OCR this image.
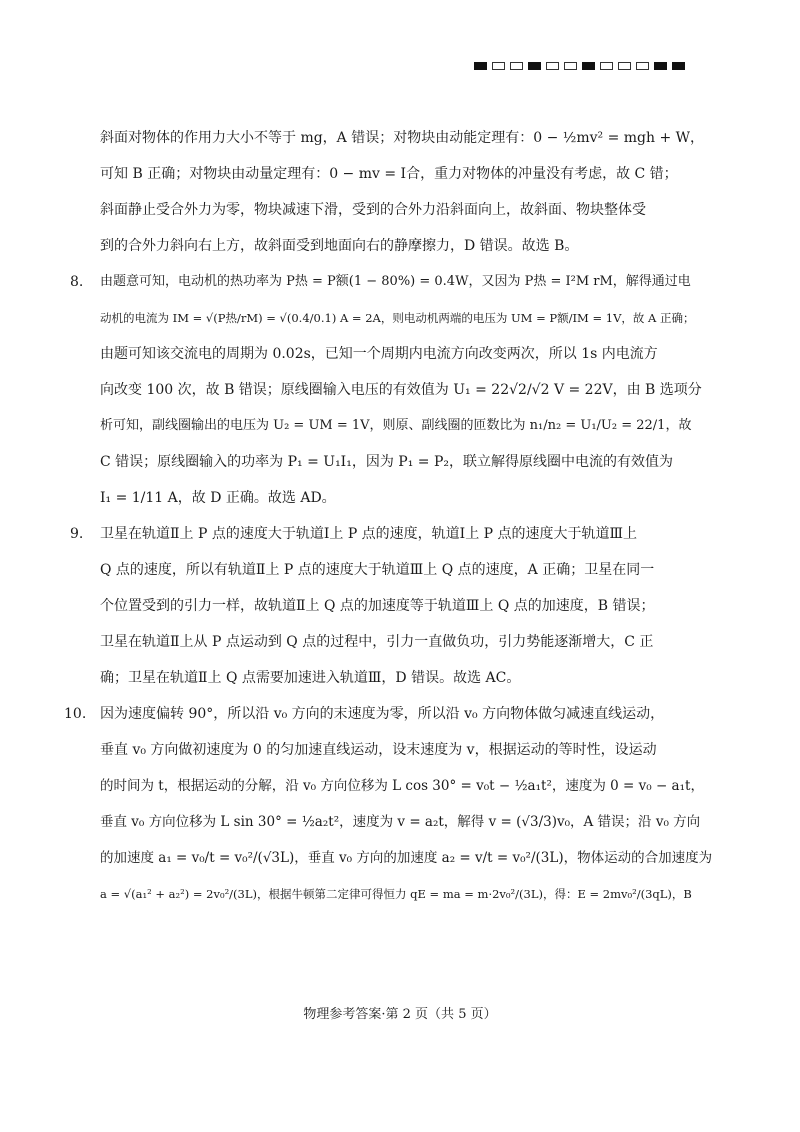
斜面对物体的作用力大小不等于 mg，A 错误；对物块由动能定理有：0 − ½mv² = mgh + W，
可知 B 正确；对物块由动量定理有：0 − mv = I合，重力对物体的冲量没有考虑，故 C 错；
斜面静止受合外力为零，物块减速下滑，受到的合外力沿斜面向上，故斜面、物块整体受
到的合外力斜向右上方，故斜面受到地面向右的静摩擦力，D 错误。故选 B。
8. 由题意可知，电动机的热功率为 P热 = P额(1 − 80%) = 0.4W，又因为 P热 = I²M rM，解得通过电
动机的电流为 IM = √(P热/rM) = √(0.4/0.1) A = 2A，则电动机两端的电压为 UM = P额/IM = 1V，故 A 正确；
由题可知该交流电的周期为 0.02s，已知一个周期内电流方向改变两次，所以 1s 内电流方
向改变 100 次，故 B 错误；原线圈输入电压的有效值为 U₁ = 22√2/√2 V = 22V，由 B 选项分
析可知，副线圈输出的电压为 U₂ = UM = 1V，则原、副线圈的匝数比为 n₁/n₂ = U₁/U₂ = 22/1，故
C 错误；原线圈输入的功率为 P₁ = U₁I₁，因为 P₁ = P₂，联立解得原线圈中电流的有效值为
I₁ = 1/11 A，故 D 正确。故选 AD。
9. 卫星在轨道Ⅱ上 P 点的速度大于轨道Ⅰ上 P 点的速度，轨道Ⅰ上 P 点的速度大于轨道Ⅲ上
Q 点的速度，所以有轨道Ⅱ上 P 点的速度大于轨道Ⅲ上 Q 点的速度，A 正确；卫星在同一
个位置受到的引力一样，故轨道Ⅱ上 Q 点的加速度等于轨道Ⅲ上 Q 点的加速度，B 错误；
卫星在轨道Ⅱ上从 P 点运动到 Q 点的过程中，引力一直做负功，引力势能逐渐增大，C 正
确；卫星在轨道Ⅱ上 Q 点需要加速进入轨道Ⅲ，D 错误。故选 AC。
10. 因为速度偏转 90°，所以沿 v₀ 方向的末速度为零，所以沿 v₀ 方向物体做匀减速直线运动，
垂直 v₀ 方向做初速度为 0 的匀加速直线运动，设末速度为 v，根据运动的等时性，设运动
的时间为 t，根据运动的分解，沿 v₀ 方向位移为 L cos 30° = v₀t − ½a₁t²，速度为 0 = v₀ − a₁t，
垂直 v₀ 方向位移为 L sin 30° = ½a₂t²，速度为 v = a₂t，解得 v = (√3/3)v₀，A 错误；沿 v₀ 方向
的加速度 a₁ = v₀/t = v₀²/(√3L)，垂直 v₀ 方向的加速度 a₂ = v/t = v₀²/(3L)，物体运动的合加速度为
a = √(a₁² + a₂²) = 2v₀²/(3L)，根据牛顿第二定律可得恒力 qE = ma = m·2v₀²/(3L)，得：E = 2mv₀²/(3qL)，B
物理参考答案·第 2 页（共 5 页）
